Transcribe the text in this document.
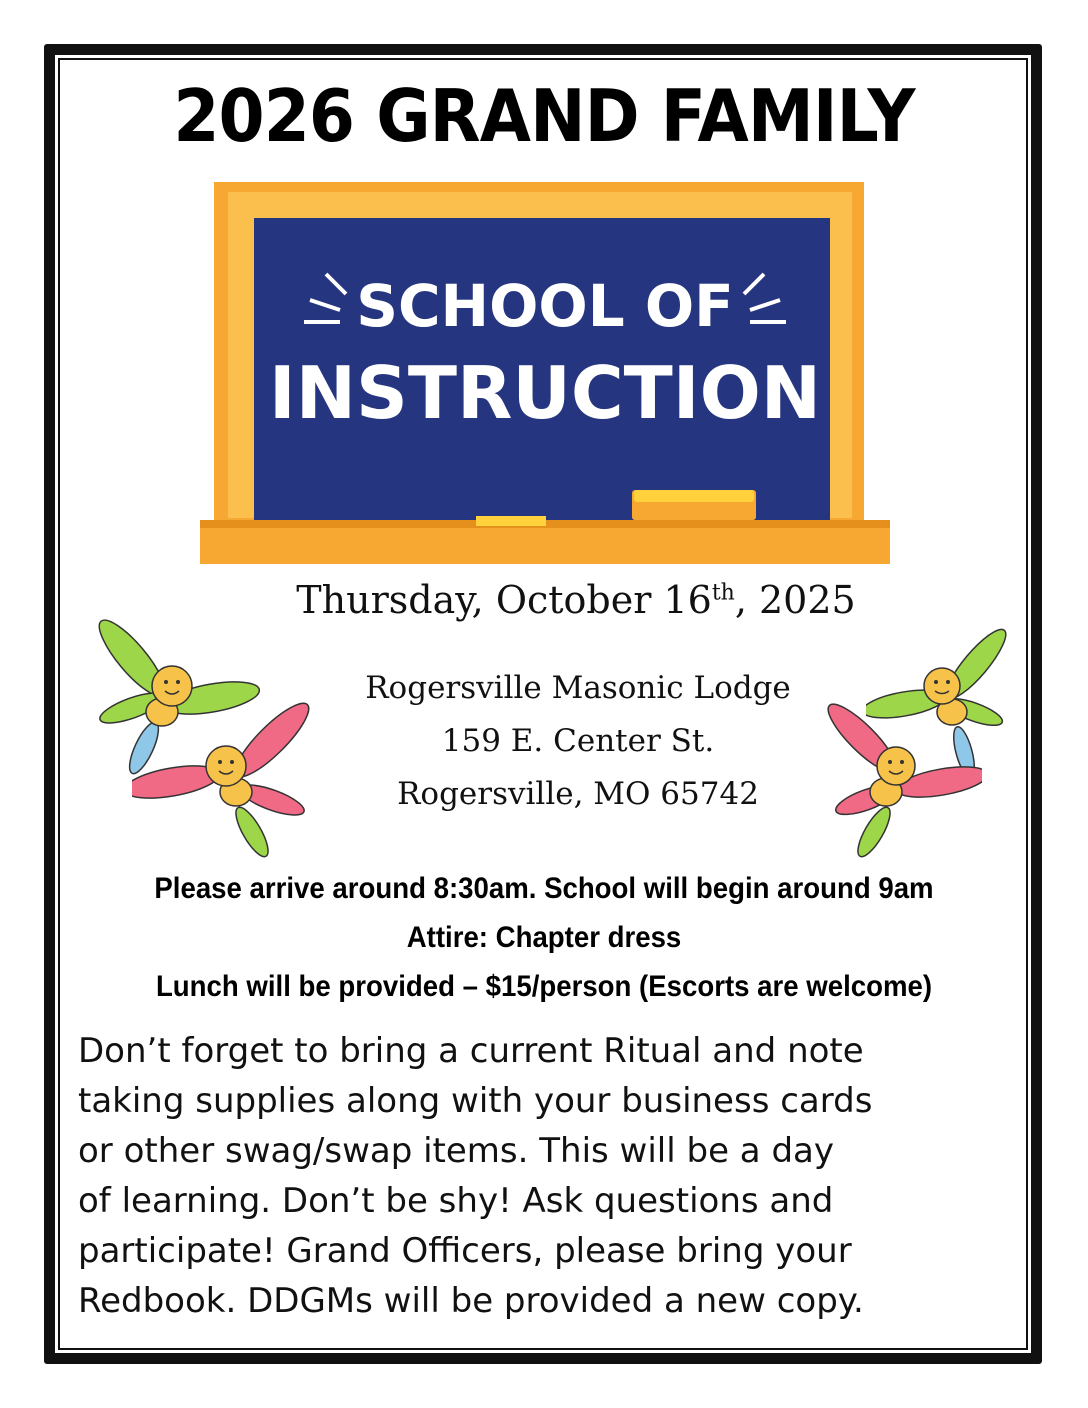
2026 GRAND FAMILY
SCHOOL OF
INSTRUCTION
Thursday, October 16th, 2025
Rogersville Masonic Lodge
159 E. Center St.
Rogersville, MO 65742
Please arrive around 8:30am. School will begin around 9am
Attire: Chapter dress
Lunch will be provided – $15/person (Escorts are welcome)
Don’t forget to bring a current Ritual and note
taking supplies along with your business cards
or other swag/swap items. This will be a day
of learning. Don’t be shy! Ask questions and
participate! Grand Officers, please bring your
Redbook. DDGMs will be provided a new copy.
